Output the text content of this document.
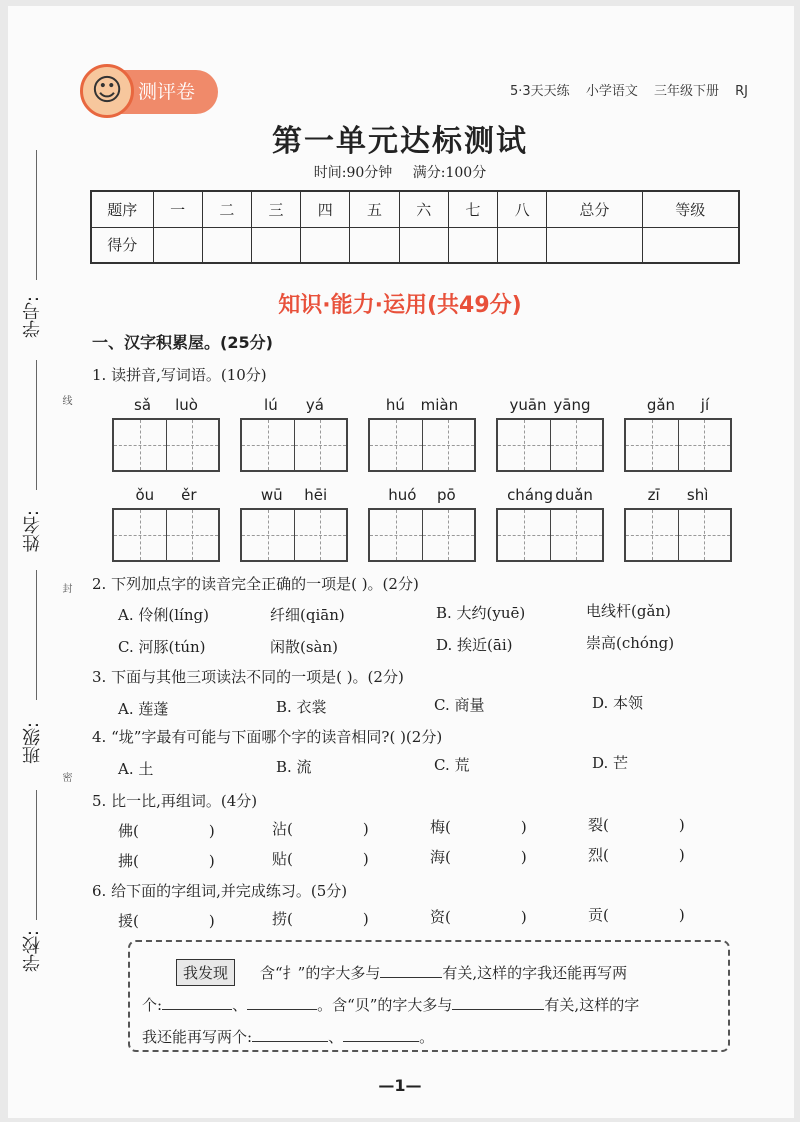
学号:
姓名:
班级:
学校:
线
封
密
☺ 测评卷	5·3天天练 小学语文 三年级下册 RJ
第一单元达标测试
时间:90分钟 满分:100分
题序	一	二	三	四	五	六	七	八	总分	等级
得分										
知识·能力·运用(共49分)
一、汉字积累屋。(25分)
1. 读拼音,写词语。(10分)
sǎ luò	lú yá	hú miàn	yuān yāng	gǎn jí
ǒu ěr	wū hēi	huó pō	cháng duǎn	zī shì
2. 下列加点字的读音完全正确的一项是( )。(2分)
A. 伶俐(líng)	纤细(qiān)	B. 大约(yuē)	电线杆(gǎn)
C. 河豚(tún)	闲散(sàn)	D. 挨近(āi)	崇高(chóng)
3. 下面与其他三项读法不同的一项是( )。(2分)
A. 莲蓬	B. 衣裳	C. 商量	D. 本领
4. “垅”字最有可能与下面哪个字的读音相同?( )(2分)
A. 土	B. 流	C. 荒	D. 芒
5. 比一比,再组词。(4分)
佛(	)	沾(	)	梅(	)	裂(	)
拂(	)	贴(	)	海(	)	烈(	)
6. 给下面的字组词,并完成练习。(5分)
援(	)	捞(	)	资(	)	贡(	)
我发现	含“扌”的字大多与	有关,这样的字我还能再写两
个:	、	。含“贝”的字大多与	有关,这样的字
我还能再写两个:	、	。
—1—
